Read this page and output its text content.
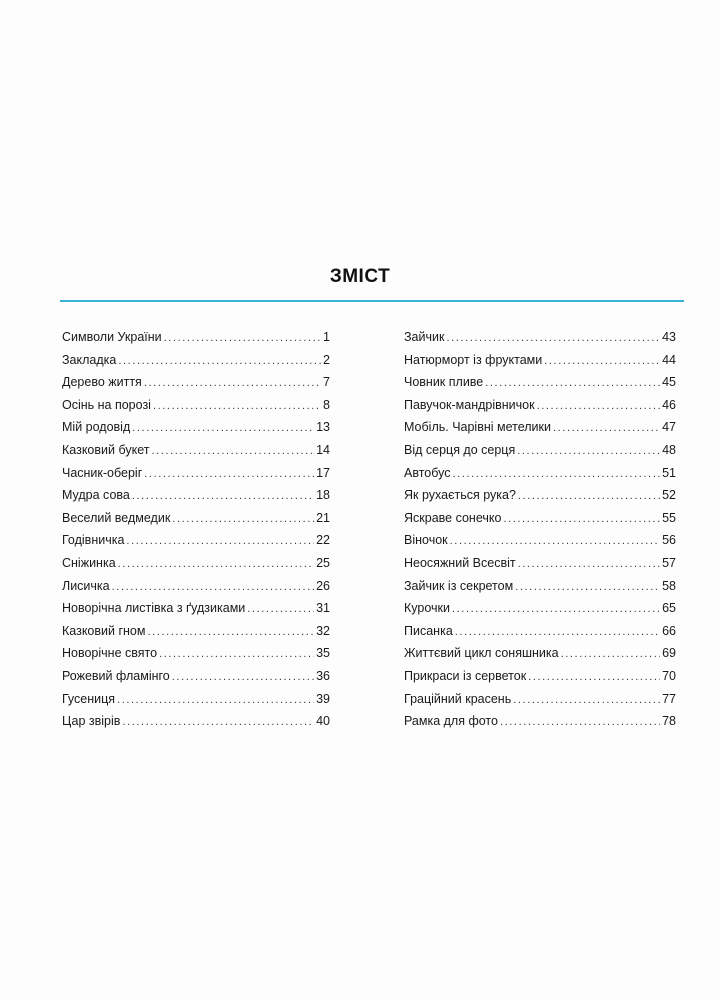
ЗМІСТ
Символи України .....	1
Закладка .....	2
Дерево життя .....	7
Осінь на порозі .....	8
Мій родовід .....	13
Казковий букет .....	14
Часник-оберіг .....	17
Мудра сова .....	18
Веселий ведмедик .....	21
Годівничка .....	22
Сніжинка .....	25
Лисичка .....	26
Новорічна листівка з ґудзиками .....	31
Казковий гном .....	32
Новорічне свято .....	35
Рожевий фламінго .....	36
Гусениця .....	39
Цар звірів .....	40
Зайчик .....	43
Натюрморт із фруктами .....	44
Човник пливе .....	45
Павучок-мандрівничок .....	46
Мобіль. Чарівні метелики .....	47
Від серця до серця .....	48
Автобус .....	51
Як рухається рука? .....	52
Яскраве сонечко .....	55
Віночок .....	56
Неосяжний Всесвіт .....	57
Зайчик із секретом .....	58
Курочки .....	65
Писанка .....	66
Життєвий цикл соняшника .....	69
Прикраси із серветок .....	70
Граційний красень .....	77
Рамка для фото .....	78
